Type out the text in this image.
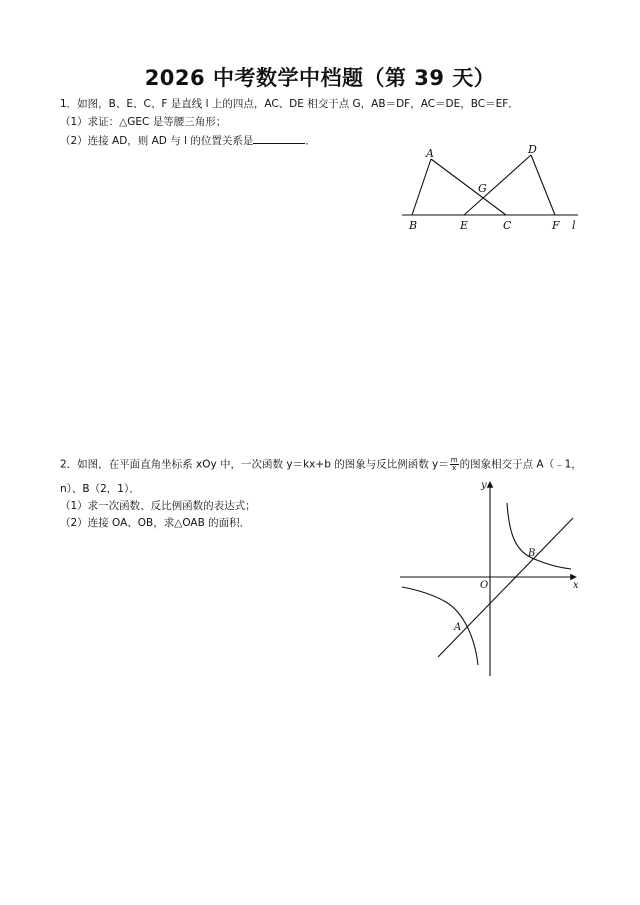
2026 中考数学中档题（第 39 天）
1．如图，B、E、C、F 是直线 l 上的四点，AC、DE 相交于点 G，AB＝DF，AC＝DE，BC＝EF．
（1）求证：△GEC 是等腰三角形；
（2）连接 AD，则 AD 与 l 的位置关系是	．
A
B	E	C	F l
D
G
2．如图，在平面直角坐标系 xOy 中，一次函数 y＝kx+b 的图象与反比例函数 $y= \frac{m}{x}$ 的图象相交于点 A（﹣1，
n）、B（2，1）．
（1）求一次函数、反比例函数的表达式；
（2）连接 OA、OB，求△OAB 的面积．
y
x
O
A
B
